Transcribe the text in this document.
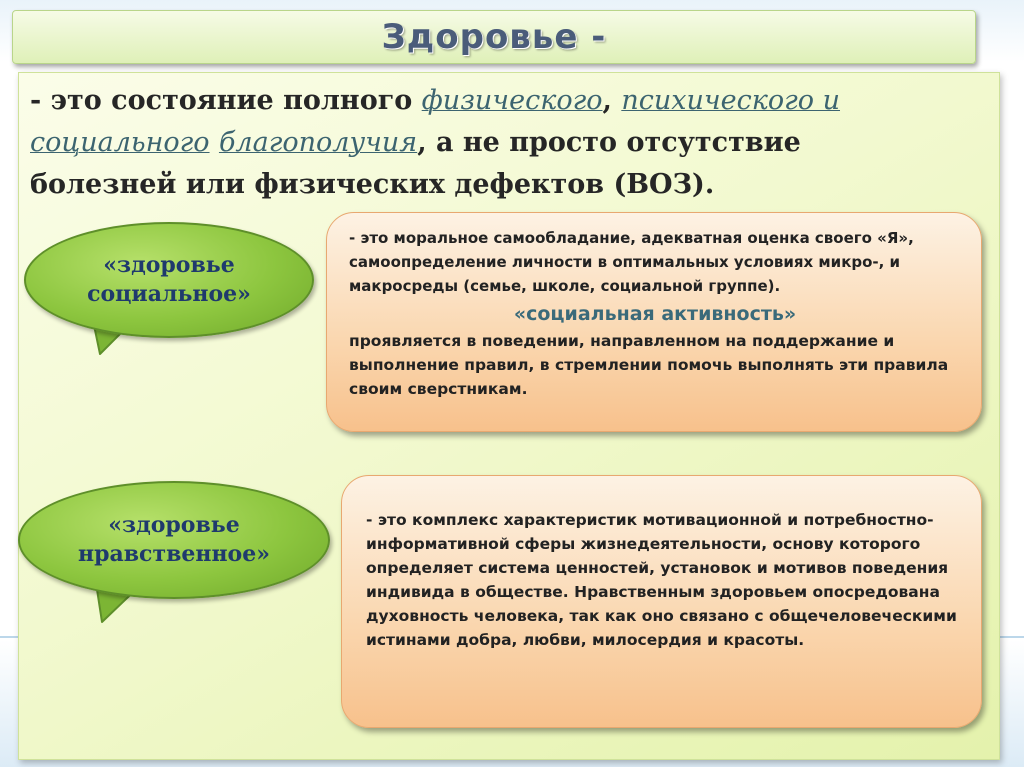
Здоровье -

- это состояние полного физического, психического и социального благополучия, а не просто отсутствие болезней или физических дефектов (ВОЗ).

«здоровье
социальное»
«здоровье
нравственное»

- это моральное самообладание, адекватная оценка своего «Я», самоопределение личности в оптимальных условиях микро-, и макросреды (семье, школе, социальной группе).

«социальная активность»

проявляется в поведении, направленном на поддержание и выполнение правил, в стремлении помочь выполнять эти правила своим сверстникам.

- это комплекс характеристик мотивационной и потребностно-информативной сферы жизнедеятельности, основу которого определяет система ценностей, установок и мотивов поведения индивида в обществе. Нравственным здоровьем опосредована духовность человека, так как оно связано с общечеловеческими истинами добра, любви, милосердия и красоты.
